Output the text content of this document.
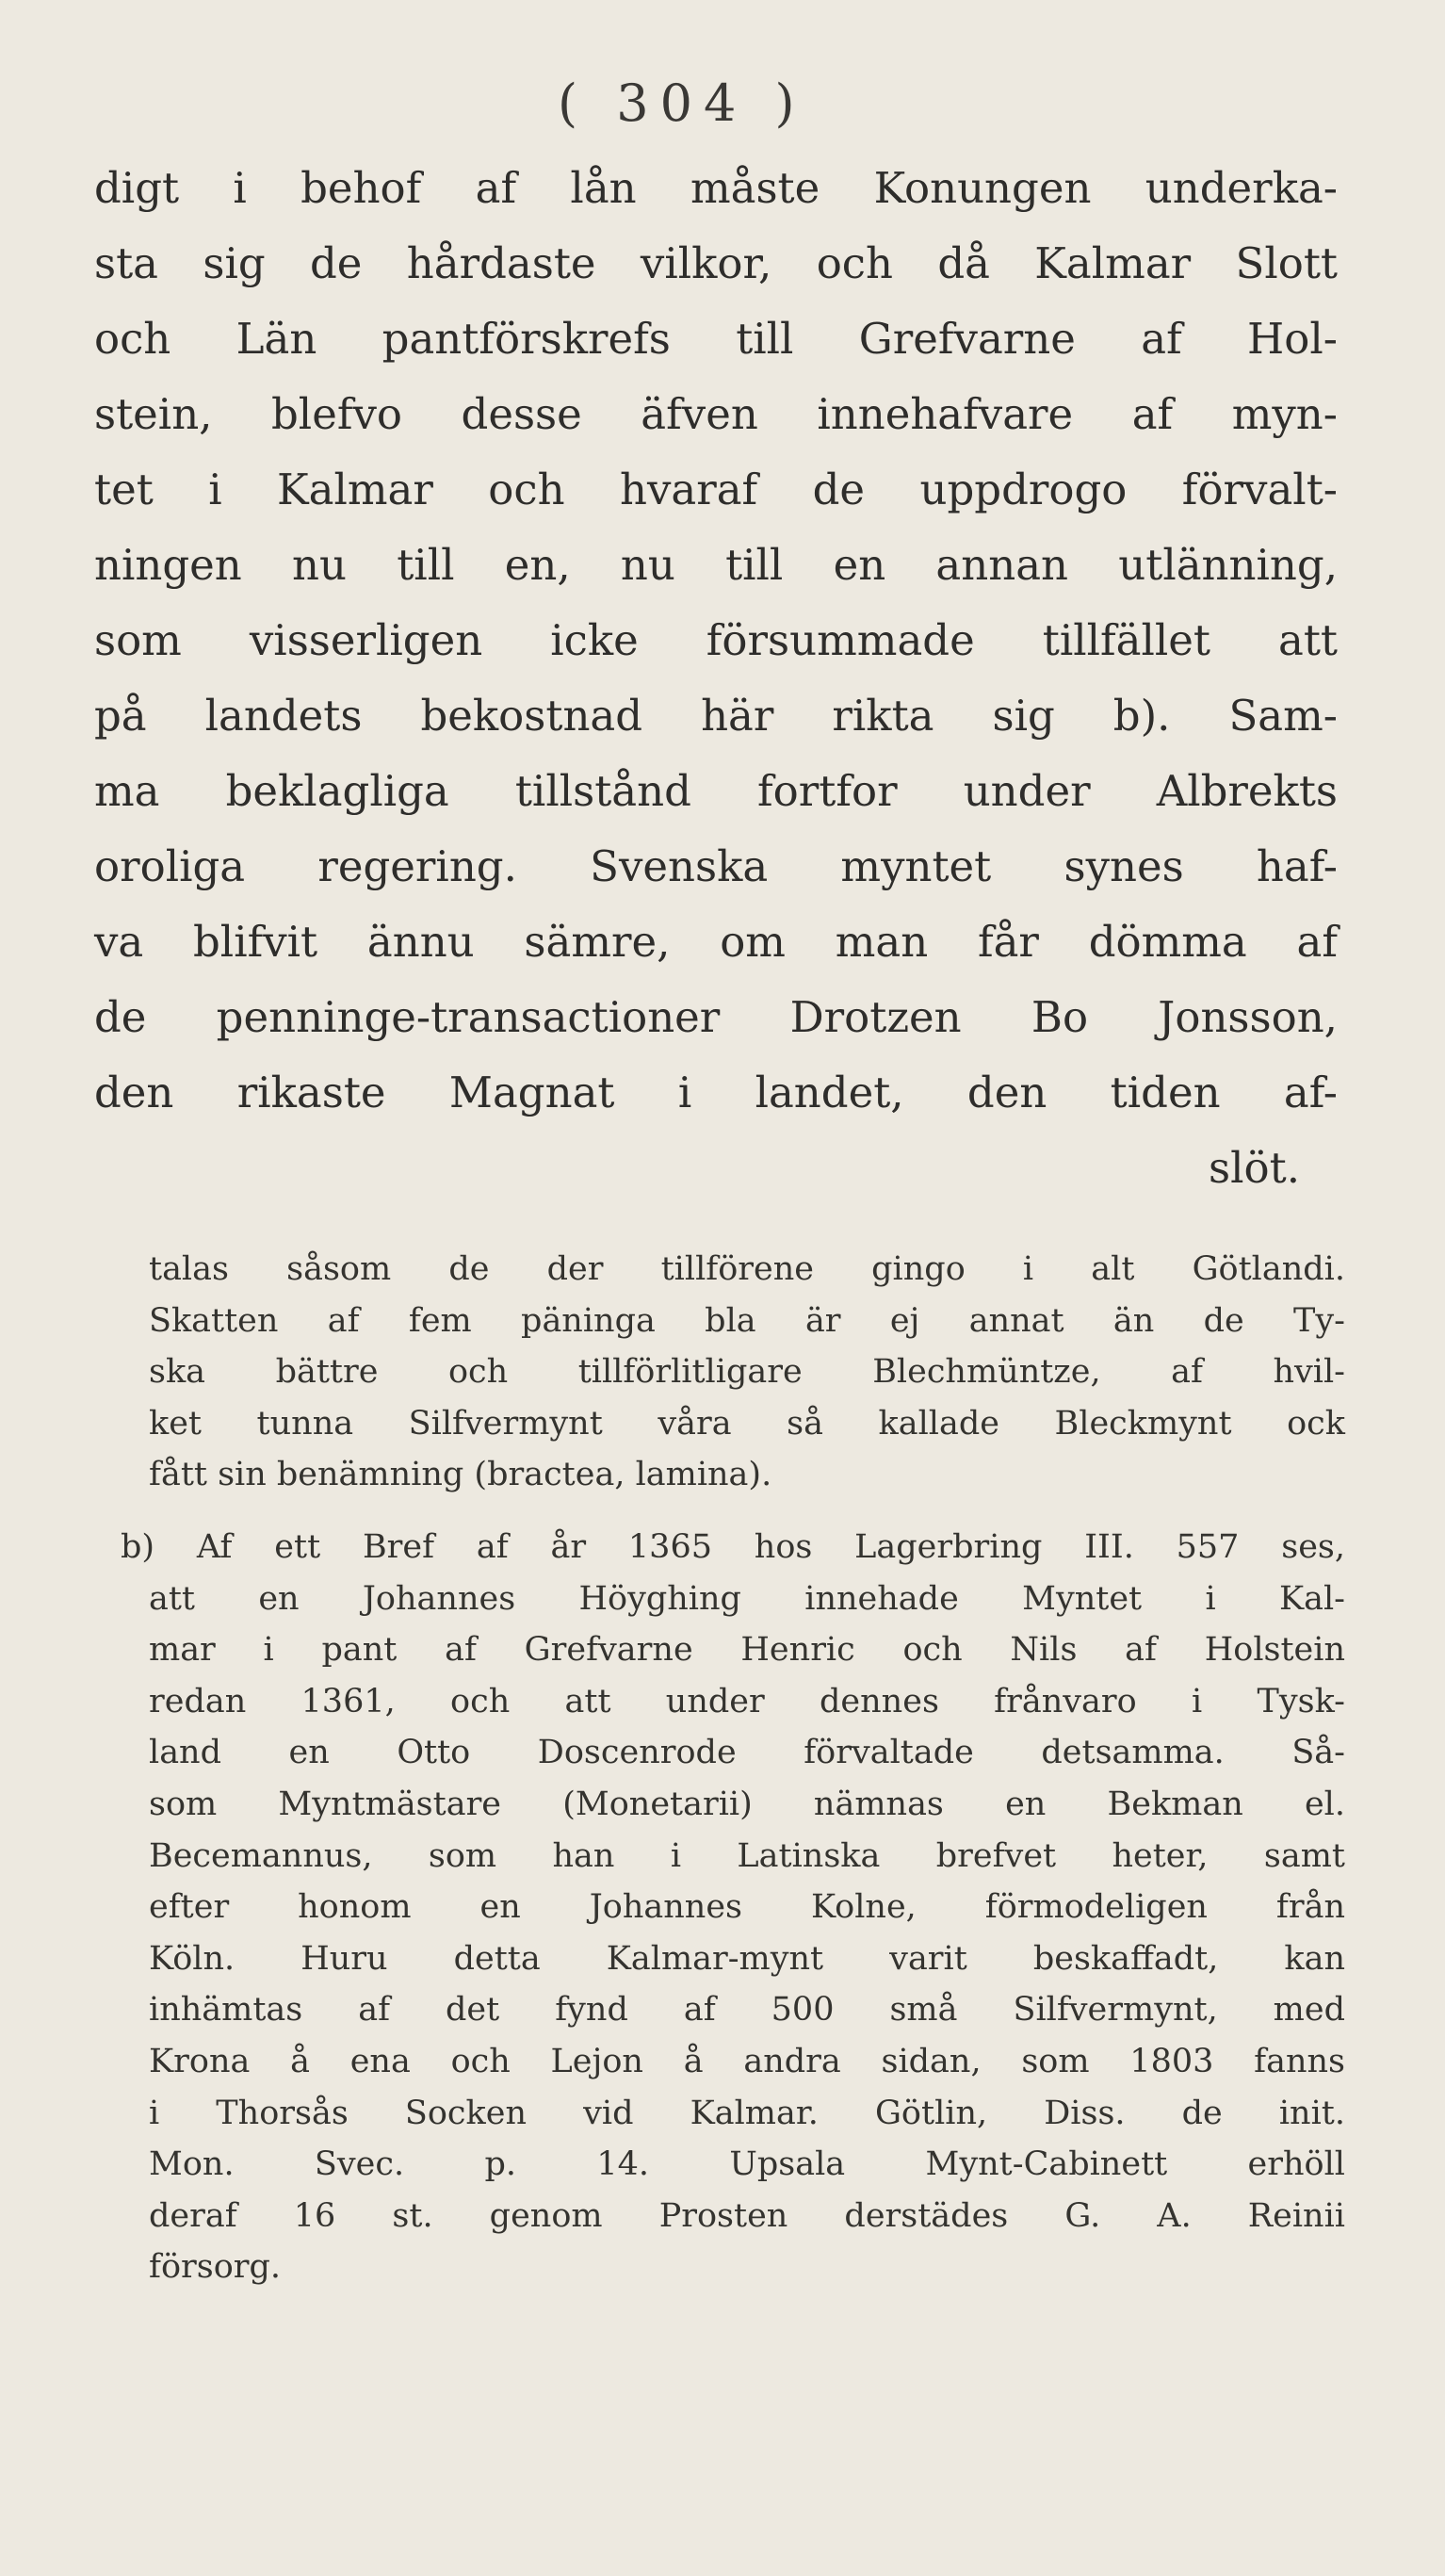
( 304 )
digt i behof af lån måste Konungen underka-
sta sig de hårdaste vilkor, och då Kalmar Slott
och Län pantförskrefs till Grefvarne af Hol-
stein, blefvo desse äfven innehafvare af myn-
tet i Kalmar och hvaraf de uppdrogo förvalt-
ningen nu till en, nu till en annan utlänning,
som visserligen icke försummade tillfället att
på landets bekostnad här rikta sig b). Sam-
ma beklagliga tillstånd fortfor under Albrekts
oroliga regering. Svenska myntet synes haf-
va blifvit ännu sämre, om man får dömma af
de penninge-transactioner Drotzen Bo Jonsson,
den rikaste Magnat i landet, den tiden af-
slöt.
talas såsom de der tillförene gingo i alt Götlandi.
Skatten af fem päninga bla är ej annat än de Ty-
ska bättre och tillförlitligare Blechmüntze, af hvil-
ket tunna Silfvermynt våra så kallade Bleckmynt ock
fått sin benämning (bractea, lamina).
b) Af ett Bref af år 1365 hos Lagerbring III. 557 ses,
att en Johannes Höyghing innehade Myntet i Kal-
mar i pant af Grefvarne Henric och Nils af Holstein
redan 1361, och att under dennes frånvaro i Tysk-
land en Otto Doscenrode förvaltade detsamma. Så-
som Myntmästare (Monetarii) nämnas en Bekman el.
Becemannus, som han i Latinska brefvet heter, samt
efter honom en Johannes Kolne, förmodeligen från
Köln. Huru detta Kalmar-mynt varit beskaffadt, kan
inhämtas af det fynd af 500 små Silfvermynt, med
Krona å ena och Lejon å andra sidan, som 1803 fanns
i Thorsås Socken vid Kalmar. Götlin, Diss. de init.
Mon. Svec. p. 14. Upsala Mynt-Cabinett erhöll
deraf 16 st. genom Prosten derstädes G. A. Reinii
försorg.
